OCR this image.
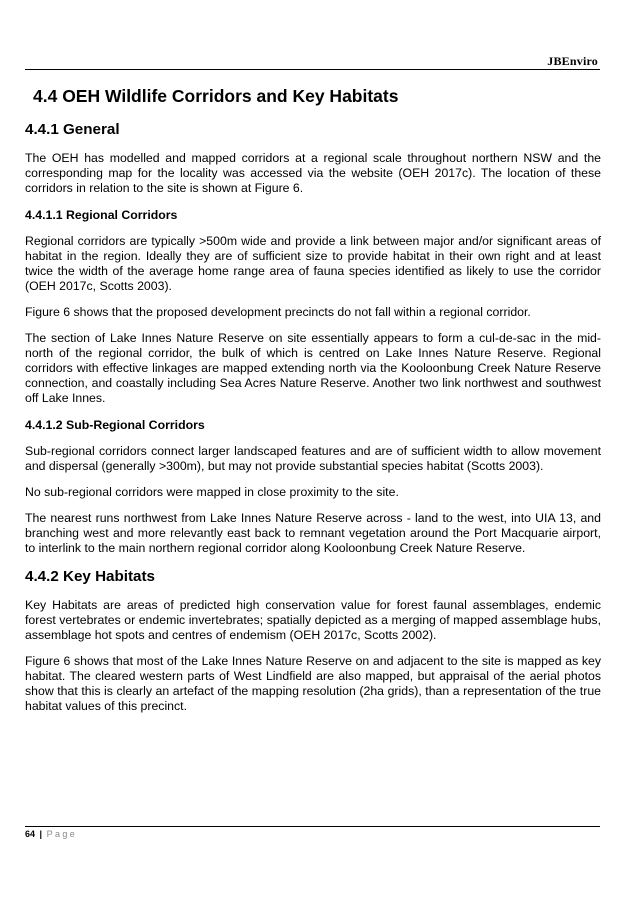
JBEnviro
4.4 OEH Wildlife Corridors and Key Habitats
4.4.1 General

The OEH has modelled and mapped corridors at a regional scale throughout northern NSW and the corresponding map for the locality was accessed via the website (OEH 2017c). The location of these corridors in relation to the site is shown at Figure 6.

4.4.1.1 Regional Corridors

Regional corridors are typically >500m wide and provide a link between major and/or significant areas of habitat in the region. Ideally they are of sufficient size to provide habitat in their own right and at least twice the width of the average home range area of fauna species identified as likely to use the corridor (OEH 2017c, Scotts 2003).

Figure 6 shows that the proposed development precincts do not fall within a regional corridor.

The section of Lake Innes Nature Reserve on site essentially appears to form a cul-de-sac in the mid-north of the regional corridor, the bulk of which is centred on Lake Innes Nature Reserve. Regional corridors with effective linkages are mapped extending north via the Kooloonbung Creek Nature Reserve connection, and coastally including Sea Acres Nature Reserve. Another two link northwest and southwest off Lake Innes.

4.4.1.2 Sub-Regional Corridors

Sub-regional corridors connect larger landscaped features and are of sufficient width to allow movement and dispersal (generally >300m), but may not provide substantial species habitat (Scotts 2003).

No sub-regional corridors were mapped in close proximity to the site.

The nearest runs northwest from Lake Innes Nature Reserve across - land to the west, into UIA 13, and branching west and more relevantly east back to remnant vegetation around the Port Macquarie airport, to interlink to the main northern regional corridor along Kooloonbung Creek Nature Reserve.

4.4.2 Key Habitats

Key Habitats are areas of predicted high conservation value for forest faunal assemblages, endemic forest vertebrates or endemic invertebrates; spatially depicted as a merging of mapped assemblage hubs, assemblage hot spots and centres of endemism (OEH 2017c, Scotts 2002).

Figure 6 shows that most of the Lake Innes Nature Reserve on and adjacent to the site is mapped as key habitat. The cleared western parts of West Lindfield are also mapped, but appraisal of the aerial photos show that this is clearly an artefact of the mapping resolution (2ha grids), than a representation of the true habitat values of this precinct.

64 | Page
